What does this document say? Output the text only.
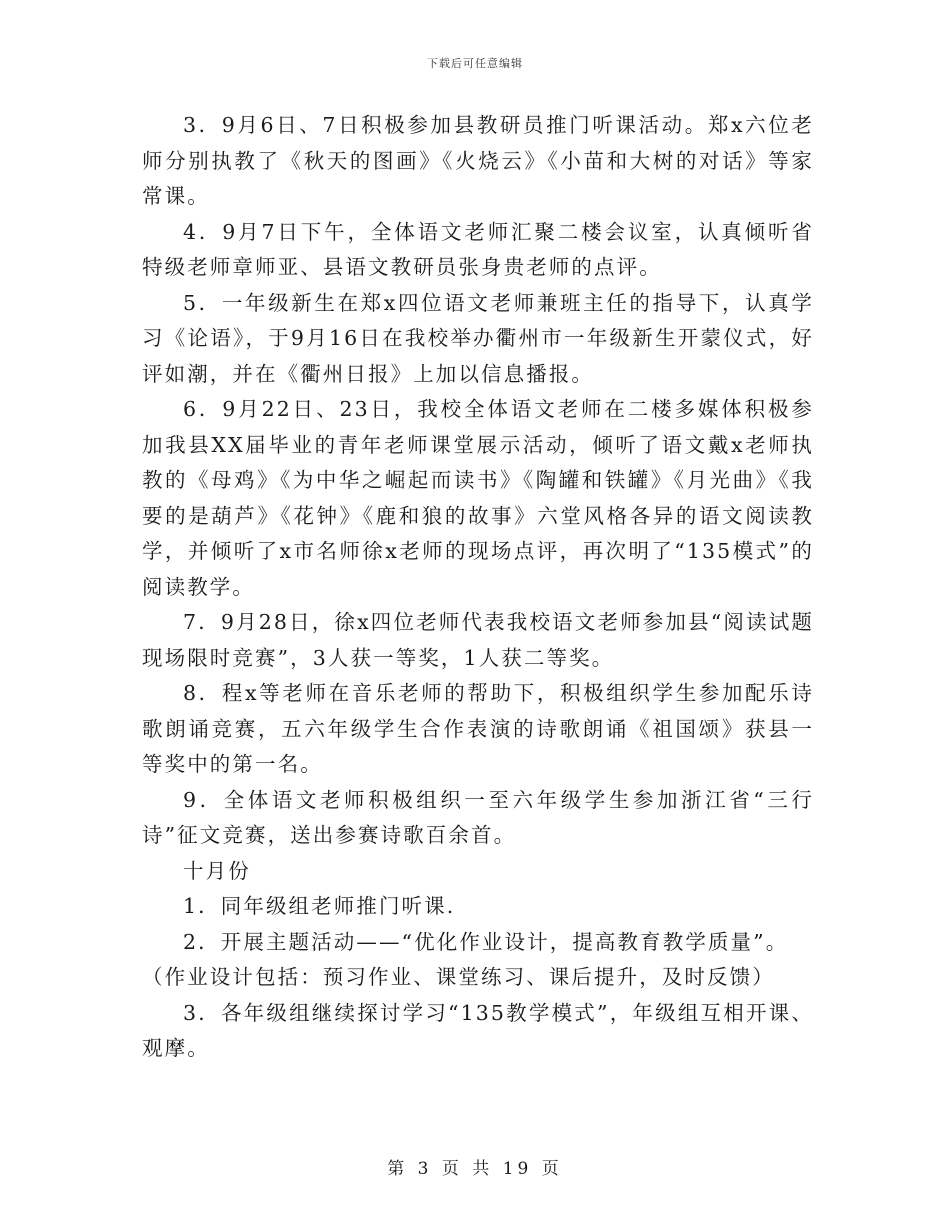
下载后可任意编辑

3．9月6日、7日积极参加县教研员推门听课活动。郑x六位老师分别执教了《秋天的图画》《火烧云》《小苗和大树的对话》等家常课。

4．9月7日下午，全体语文老师汇聚二楼会议室，认真倾听省特级老师章师亚、县语文教研员张身贵老师的点评。

5．一年级新生在郑x四位语文老师兼班主任的指导下，认真学习《论语》，于9月16日在我校举办衢州市一年级新生开蒙仪式，好评如潮，并在《衢州日报》上加以信息播报。

6．9月22日、23日，我校全体语文老师在二楼多媒体积极参加我县XX届毕业的青年老师课堂展示活动，倾听了语文戴x老师执教的《母鸡》《为中华之崛起而读书》《陶罐和铁罐》《月光曲》《我要的是葫芦》《花钟》《鹿和狼的故事》六堂风格各异的语文阅读教学，并倾听了x市名师徐x老师的现场点评，再次明了“135模式”的阅读教学。

7．9月28日，徐x四位老师代表我校语文老师参加县“阅读试题现场限时竞赛”，3人获一等奖，1人获二等奖。

8．程x等老师在音乐老师的帮助下，积极组织学生参加配乐诗歌朗诵竞赛，五六年级学生合作表演的诗歌朗诵《祖国颂》获县一等奖中的第一名。

9．全体语文老师积极组织一至六年级学生参加浙江省“三行诗”征文竞赛，送出参赛诗歌百余首。

十月份

1．同年级组老师推门听课.

2．开展主题活动——“优化作业设计，提高教育教学质量”。

（作业设计包括：预习作业、课堂练习、课后提升，及时反馈）

3．各年级组继续探讨学习“135教学模式”，年级组互相开课、观摩。

第 3 页 共 19 页
